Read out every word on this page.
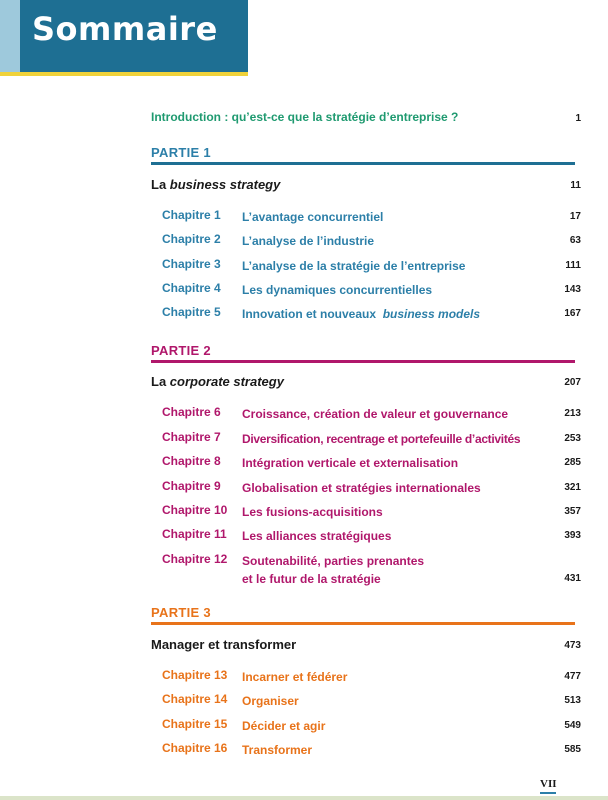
Sommaire
Introduction : qu’est-ce que la stratégie d’entreprise ?	1
PARTIE 1
La business strategy	11
Chapitre 1 L’avantage concurrentiel	17
Chapitre 2 L’analyse de l’industrie	63
Chapitre 3 L’analyse de la stratégie de l’entreprise	111
Chapitre 4 Les dynamiques concurrentielles	143
Chapitre 5 Innovation et nouveaux business models	167
PARTIE 2
La corporate strategy	207
Chapitre 6 Croissance, création de valeur et gouvernance	213
Chapitre 7 Diversification, recentrage et portefeuille d’activités	253
Chapitre 8 Intégration verticale et externalisation	285
Chapitre 9 Globalisation et stratégies internationales	321
Chapitre 10 Les fusions-acquisitions	357
Chapitre 11 Les alliances stratégiques	393
Chapitre 12 Soutenabilité, parties prenantes
et le futur de la stratégie	431
PARTIE 3
Manager et transformer	473
Chapitre 13 Incarner et fédérer	477
Chapitre 14 Organiser	513
Chapitre 15 Décider et agir	549
Chapitre 16 Transformer	585
VII
